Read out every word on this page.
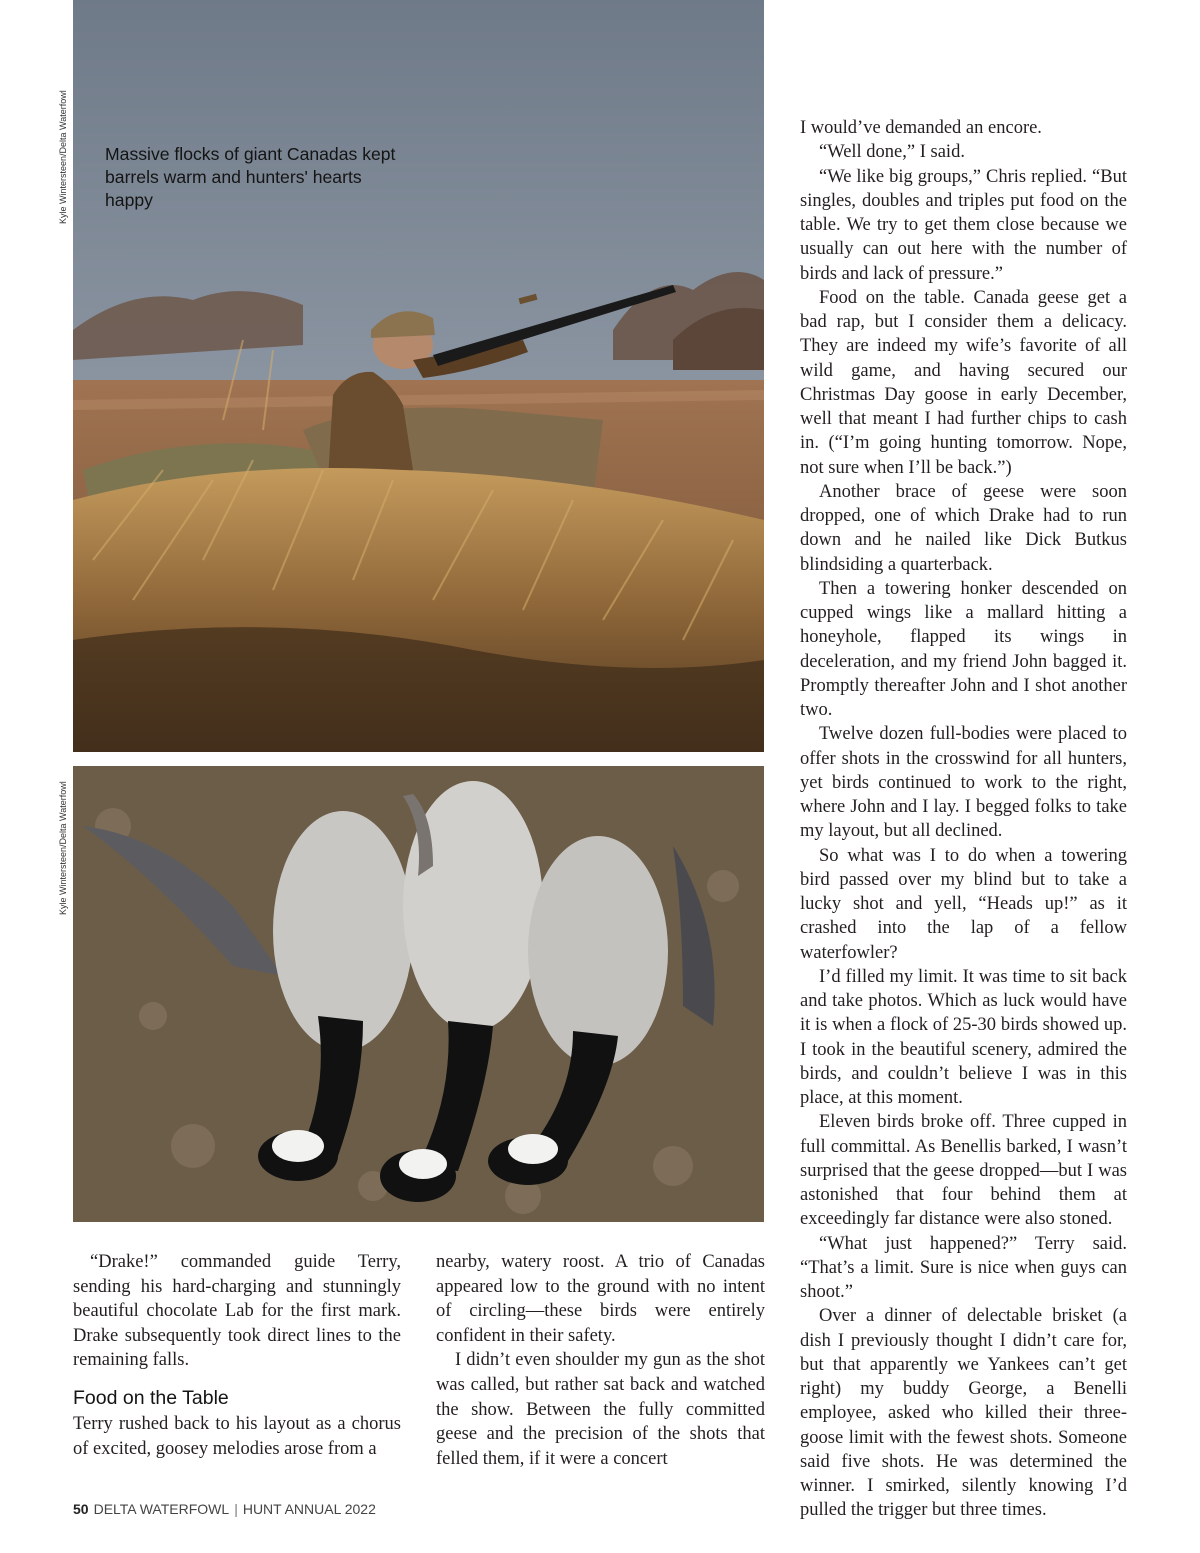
Kyle Wintersteen/Delta Waterfowl
Kyle Wintersteen/Delta Waterfowl
Massive flocks of giant Canadas kept barrels warm and hunters' hearts happy

“Drake!” commanded guide Terry, sending his hard-charging and stunningly beautiful chocolate Lab for the first mark. Drake subsequently took direct lines to the remaining falls.

Food on the Table

Terry rushed back to his layout as a chorus of excited, goosey melodies arose from a

nearby, watery roost. A trio of Canadas appeared low to the ground with no intent of circling—these birds were entirely confident in their safety.

I didn’t even shoulder my gun as the shot was called, but rather sat back and watched the show. Between the fully committed geese and the precision of the shots that felled them, if it were a concert

I would’ve demanded an encore.

“Well done,” I said.

“We like big groups,” Chris replied. “But singles, doubles and triples put food on the table. We try to get them close because we usually can out here with the number of birds and lack of pressure.”

Food on the table. Canada geese get a bad rap, but I consider them a delicacy. They are indeed my wife’s favorite of all wild game, and having secured our Christmas Day goose in early December, well that meant I had further chips to cash in. (“I’m going hunting tomorrow. Nope, not sure when I’ll be back.”)

Another brace of geese were soon dropped, one of which Drake had to run down and he nailed like Dick Butkus blindsiding a quarterback.

Then a towering honker descended on cupped wings like a mallard hitting a honeyhole, flapped its wings in deceleration, and my friend John bagged it. Promptly thereafter John and I shot another two.

Twelve dozen full-bodies were placed to offer shots in the crosswind for all hunters, yet birds continued to work to the right, where John and I lay. I begged folks to take my layout, but all declined.

So what was I to do when a towering bird passed over my blind but to take a lucky shot and yell, “Heads up!” as it crashed into the lap of a fellow waterfowler?

I’d filled my limit. It was time to sit back and take photos. Which as luck would have it is when a flock of 25-30 birds showed up. I took in the beautiful scenery, admired the birds, and couldn’t believe I was in this place, at this moment.

Eleven birds broke off. Three cupped in full committal. As Benellis barked, I wasn’t surprised that the geese dropped—but I was astonished that four behind them at exceedingly far distance were also stoned.

“What just happened?” Terry said. “That’s a limit. Sure is nice when guys can shoot.”

Over a dinner of delectable brisket (a dish I previously thought I didn’t care for, but that apparently we Yankees can’t get right) my buddy George, a Benelli employee, asked who killed their three-goose limit with the fewest shots. Someone said five shots. He was determined the winner. I smirked, silently knowing I’d pulled the trigger but three times.

50 DELTA WATERFOWL | HUNT ANNUAL 2022
